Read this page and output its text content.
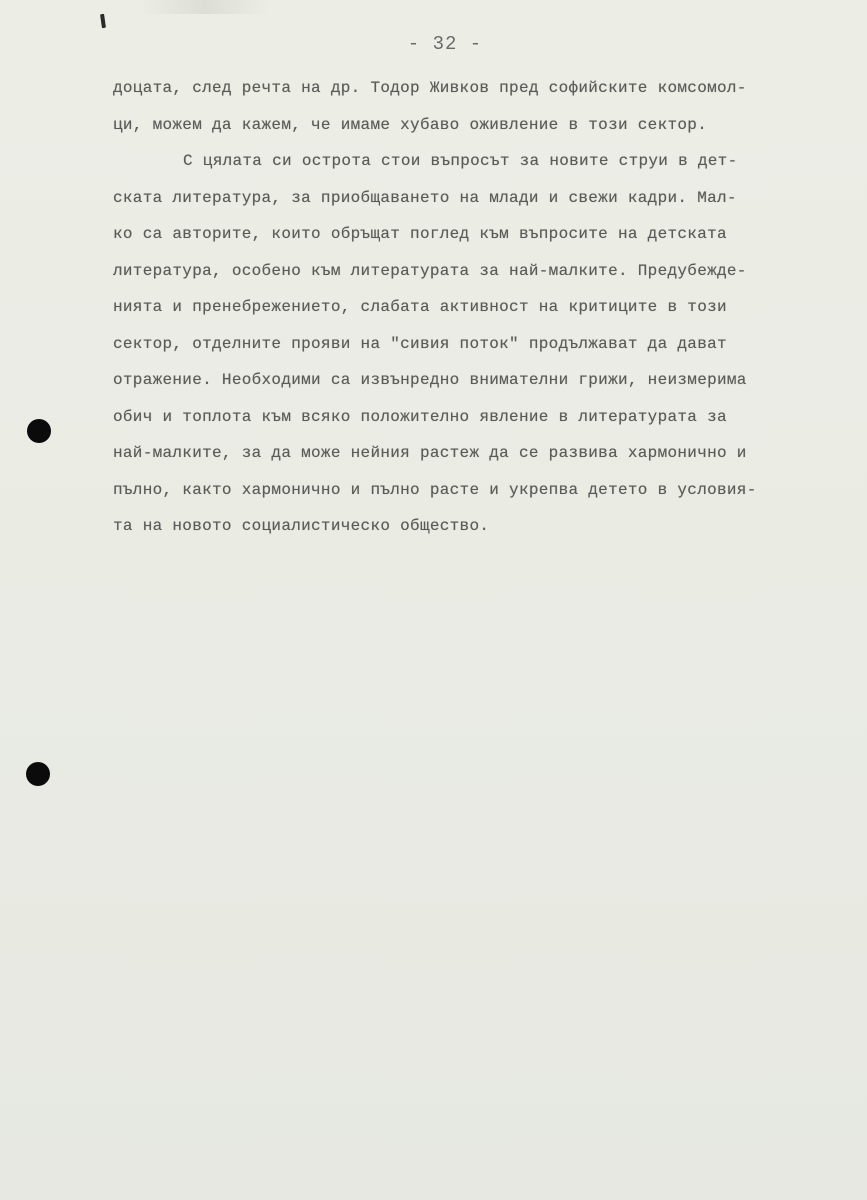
- 32 -
доцата, след речта на др. Тодор Живков пред софийските комсомол-
ци, можем да кажем, че имаме хубаво оживление в този сектор.
С цялата си острота стои въпросът за новите струи в дет-
ската литература, за приобщаването на млади и свежи кадри. Мал-
ко са авторите, които обръщат поглед към въпросите на детската
литература, особено към литературата за най-малките. Предубежде-
нията и пренебрежението, слабата активност на критиците в този
сектор, отделните прояви на "сивия поток" продължават да дават
отражение. Необходими са извънредно внимателни грижи, неизмерима
обич и топлота към всяко положително явление в литературата за
най-малките, за да може нейния растеж да се развива хармонично и
пълно, както хармонично и пълно расте и укрепва детето в условия-
та на новото социалистическо общество.
